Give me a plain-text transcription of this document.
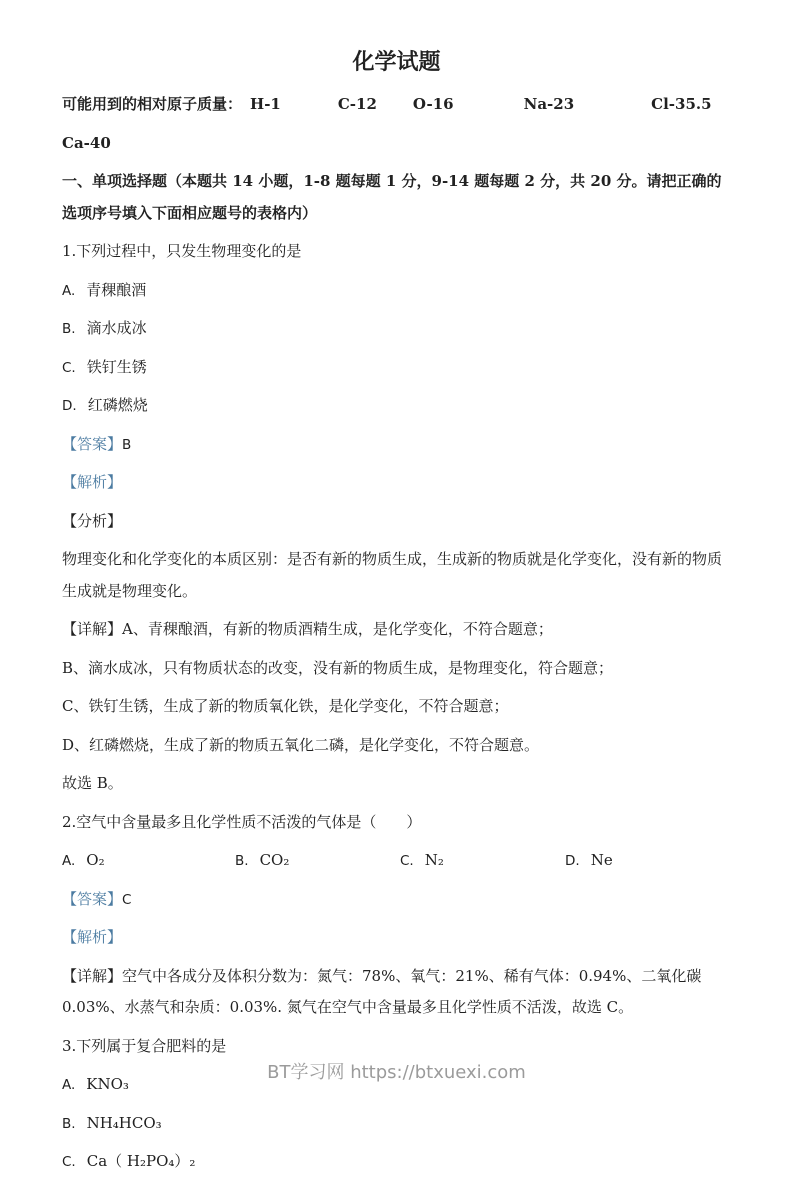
化学试题

可能用到的相对原子质量： H-1	C-12 O-16	Na-23	Cl-35.5

Ca-40

一、单项选择题（本题共 14 小题，1-8 题每题 1 分，9-14 题每题 2 分，共 20 分。请把正确的选项序号填入下面相应题号的表格内）

1.下列过程中，只发生物理变化的是

A. 青稞酿酒

B. 滴水成冰

C. 铁钉生锈

D. 红磷燃烧

【答案】B

【解析】

【分析】

物理变化和化学变化的本质区别：是否有新的物质生成，生成新的物质就是化学变化，没有新的物质生成就是物理变化。

【详解】A、青稞酿酒，有新的物质酒精生成，是化学变化，不符合题意；

B、滴水成冰，只有物质状态的改变，没有新的物质生成，是物理变化，符合题意；

C、铁钉生锈，生成了新的物质氧化铁，是化学变化，不符合题意；

D、红磷燃烧，生成了新的物质五氧化二磷，是化学变化，不符合题意。

故选 B。

2.空气中含量最多且化学性质不活泼的气体是（　　）

A. O₂	B. CO₂	C. N₂	D. Ne

【答案】C

【解析】

【详解】空气中各成分及体积分数为：氮气：78%、氧气：21%、稀有气体：0.94%、二氧化碳 0.03%、水蒸气和杂质：0.03%. 氮气在空气中含量最多且化学性质不活泼，故选 C。

3.下列属于复合肥料的是

A. KNO₃

B. NH₄HCO₃

C. Ca（ H₂PO₄）₂

BT学习网 https://btxuexi.com
